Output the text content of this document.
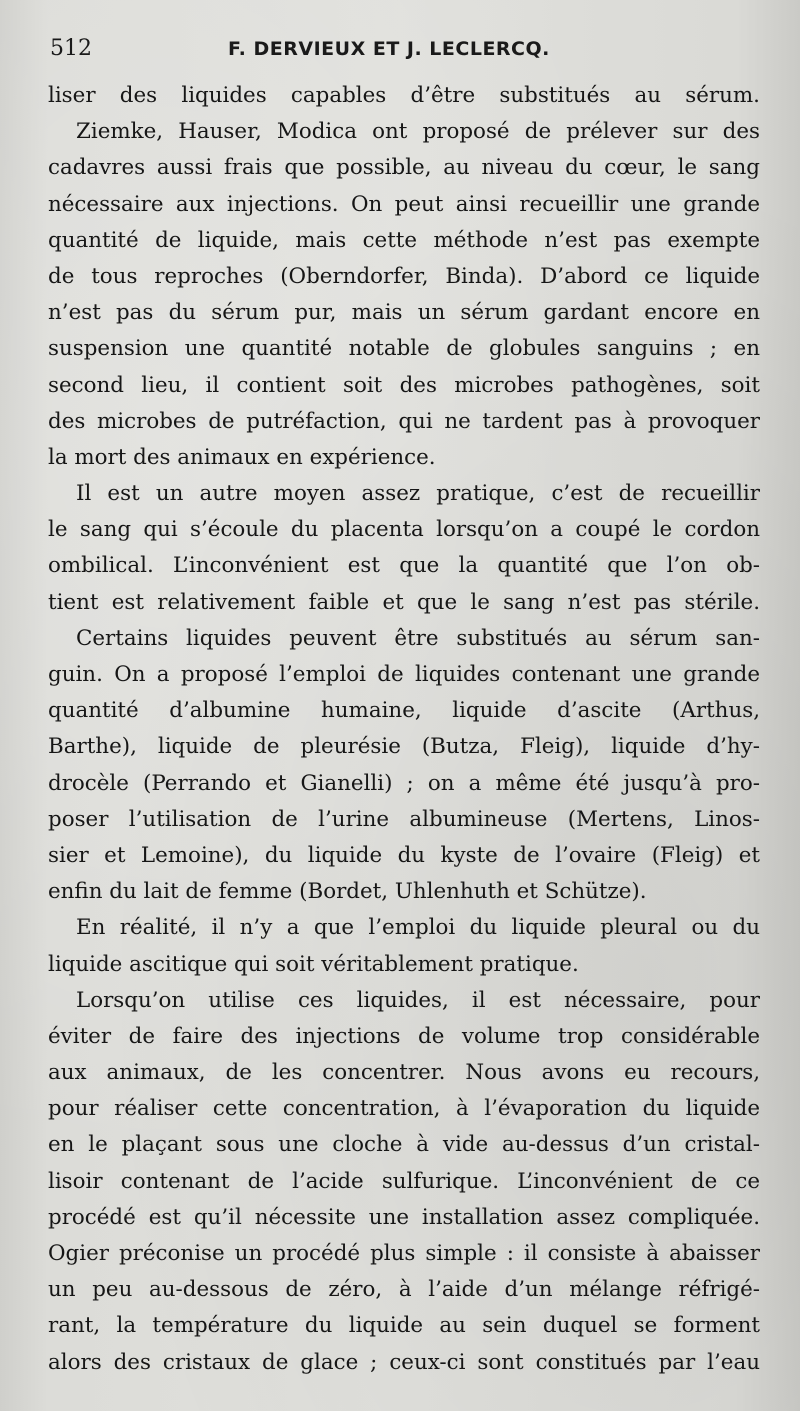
512	F. DERVIEUX ET J. LECLERCQ.
liser des liquides capables d’être substitués au sérum.
Ziemke, Hauser, Modica ont proposé de prélever sur des
cadavres aussi frais que possible, au niveau du cœur, le sang
nécessaire aux injections. On peut ainsi recueillir une grande
quantité de liquide, mais cette méthode n’est pas exempte
de tous reproches (Oberndorfer, Binda). D’abord ce liquide
n’est pas du sérum pur, mais un sérum gardant encore en
suspension une quantité notable de globules sanguins ; en
second lieu, il contient soit des microbes pathogènes, soit
des microbes de putréfaction, qui ne tardent pas à provoquer
la mort des animaux en expérience.
Il est un autre moyen assez pratique, c’est de recueillir
le sang qui s’écoule du placenta lorsqu’on a coupé le cordon
ombilical. L’inconvénient est que la quantité que l’on ob-
tient est relativement faible et que le sang n’est pas stérile.
Certains liquides peuvent être substitués au sérum san-
guin. On a proposé l’emploi de liquides contenant une grande
quantité d’albumine humaine, liquide d’ascite (Arthus,
Barthe), liquide de pleurésie (Butza, Fleig), liquide d’hy-
drocèle (Perrando et Gianelli) ; on a même été jusqu’à pro-
poser l’utilisation de l’urine albumineuse (Mertens, Linos-
sier et Lemoine), du liquide du kyste de l’ovaire (Fleig) et
enfin du lait de femme (Bordet, Uhlenhuth et Schütze).
En réalité, il n’y a que l’emploi du liquide pleural ou du
liquide ascitique qui soit véritablement pratique.
Lorsqu’on utilise ces liquides, il est nécessaire, pour
éviter de faire des injections de volume trop considérable
aux animaux, de les concentrer. Nous avons eu recours,
pour réaliser cette concentration, à l’évaporation du liquide
en le plaçant sous une cloche à vide au-dessus d’un cristal-
lisoir contenant de l’acide sulfurique. L’inconvénient de ce
procédé est qu’il nécessite une installation assez compliquée.
Ogier préconise un procédé plus simple : il consiste à abaisser
un peu au-dessous de zéro, à l’aide d’un mélange réfrigé-
rant, la température du liquide au sein duquel se forment
alors des cristaux de glace ; ceux-ci sont constitués par l’eau
